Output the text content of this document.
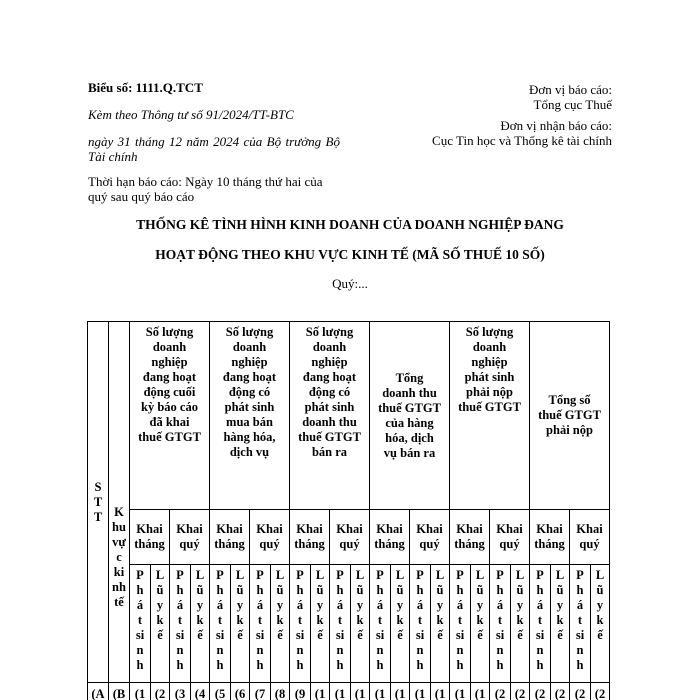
Biểu số: 1111.Q.TCT

Kèm theo Thông tư số 91/2024/TT-BTC

ngày 31 tháng 12 năm 2024 của Bộ trưởng Bộ Tài chính

Thời hạn báo cáo: Ngày 10 tháng thứ hai của quý sau quý báo cáo

Đơn vị báo cáo:
Tổng cục Thuế
Đơn vị nhận báo cáo:
Cục Tin học và Thống kê tài chính
THỐNG KÊ TÌNH HÌNH KINH DOANH CỦA DOANH NGHIỆP ĐANG
HOẠT ĐỘNG THEO KHU VỰC KINH TẾ (MÃ SỐ THUẾ 10 SỐ)
Quý:...
STT	Khu vực kinh tế	Số lượng doanh nghiệp đang hoạt động cuối kỳ báo cáo đã khai thuế GTGT				Số lượng doanh nghiệp đang hoạt động có phát sinh mua bán hàng hóa, dịch vụ				Số lượng doanh nghiệp đang hoạt động có phát sinh doanh thu thuế GTGT bán ra				Tổng doanh thu thuế GTGT của hàng hóa, dịch vụ bán ra				Số lượng doanh nghiệp phát sinh phải nộp thuế GTGT				Tổng số thuế GTGT phải nộp			
		Khai tháng		Khai quý		Khai tháng		Khai quý		Khai tháng		Khai quý		Khai tháng		Khai quý		Khai tháng		Khai quý		Khai tháng		Khai quý	

		Phát sinh	Lũy kế	Phát sinh	Lũy kế	Phát sinh	Lũy kế	Phát sinh	Lũy kế	Phát sinh	Lũy kế	Phát sinh	Lũy kế	Phát sinh	Lũy kế	Phát sinh	Lũy kế	Phát sinh	Lũy kế	Phát sinh	Lũy kế	Phát sinh	Lũy kế	Phát sinh	Lũy kế

(A	(B	(1	(2	(3	(4	(5	(6	(7	(8	(9	(1	(1	(1	(1	(1	(1	(1	(1	(1	(2	(2	(2	(2	(2	(2
